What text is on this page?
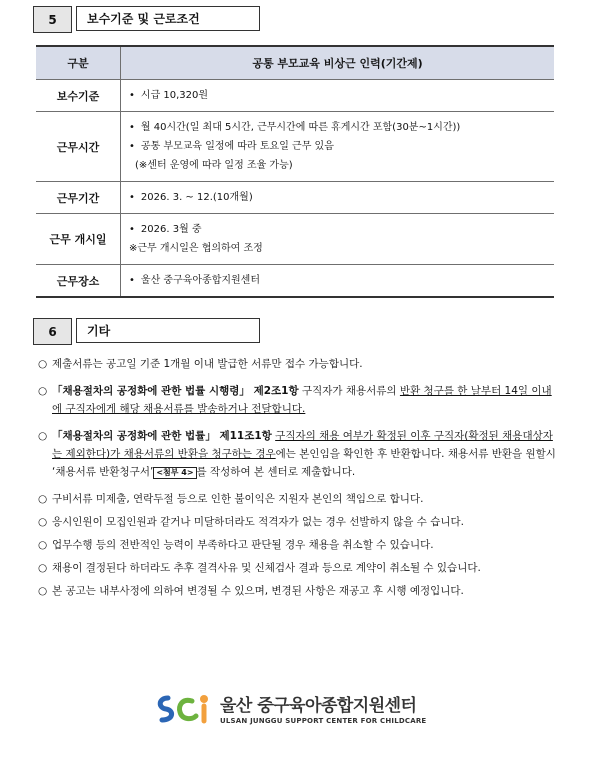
5	보수기준 및 근로조건
구분	공통 부모교육 비상근 인력(기간제)
보수기준	• 시급 10,320원

근무시간	• 월 40시간(일 최대 5시간, 근무시간에 따른 휴게시간 포함(30분~1시간))
• 공통 부모교육 일정에 따라 토요일 근무 있음
(※센터 운영에 따라 일정 조율 가능)

근무기간	• 2026. 3. ~ 12.(10개월)

근무 개시일	• 2026. 3월 중
※근무 개시일은 협의하여 조정

근무장소	• 울산 중구육아종합지원센터
6	기타
○ 제출서류는 공고일 기준 1개월 이내 발급한 서류만 접수 가능합니다.
○ 「채용절차의 공정화에 관한 법률 시행령」 제2조1항 구직자가 채용서류의 반환 청구를 한 날부터 14일 이내에 구직자에게 해당 채용서류를 발송하거나 전달합니다.
○ 「채용절차의 공정화에 관한 법률」 제11조1항 구직자의 채용 여부가 확정된 이후 구직자(확정된 채용대상자는 제외한다)가 채용서류의 반환을 청구하는 경우에는 본인임을 확인한 후 반환합니다. 채용서류 반환을 원할시 ‘채용서류 반환청구서’ <첨부 4> 를 작성하여 본 센터로 제출합니다.
○ 구비서류 미제출, 연락두절 등으로 인한 불이익은 지원자 본인의 책임으로 합니다.
○ 응시인원이 모집인원과 같거나 미달하더라도 적격자가 없는 경우 선발하지 않을 수 습니다.
○ 업무수행 등의 전반적인 능력이 부족하다고 판단될 경우 채용을 취소할 수 있습니다.
○ 채용이 결정된다 하더라도 추후 결격사유 및 신체검사 결과 등으로 계약이 취소될 수 있습니다.
○ 본 공고는 내부사정에 의하여 변경될 수 있으며, 변경된 사항은 재공고 후 시행 예정입니다.
울산 중구육아종합지원센터
ULSAN JUNGGU SUPPORT CENTER FOR CHILDCARE
